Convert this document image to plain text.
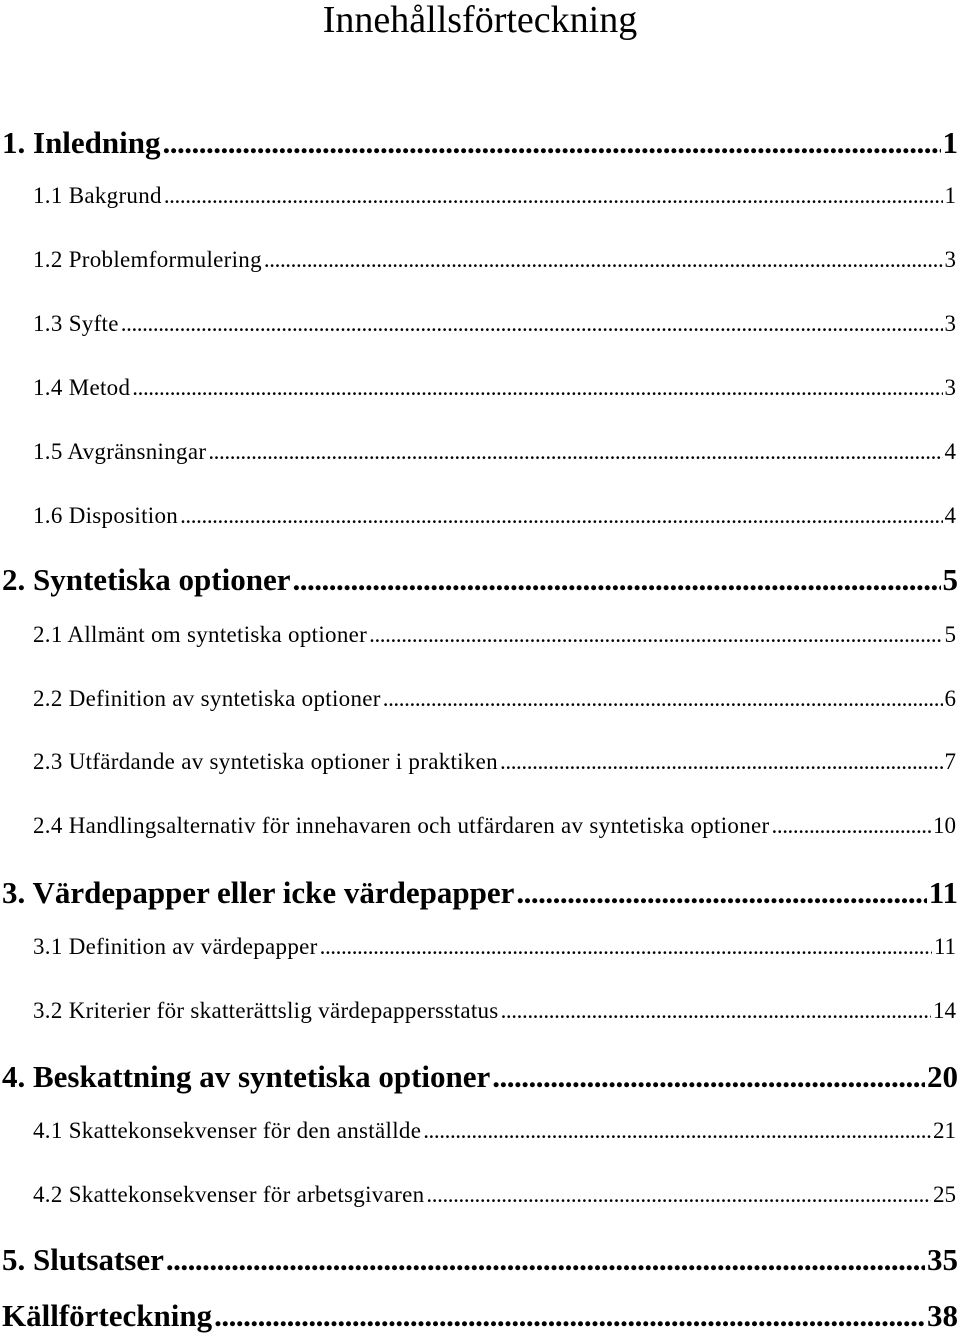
Innehållsförteckning
1. Inledning .....	1
1.1 Bakgrund .....	1
1.2 Problemformulering .....	3
1.3 Syfte .....	3
1.4 Metod .....	3
1.5 Avgränsningar .....	4
1.6 Disposition .....	4
2. Syntetiska optioner .....	5
2.1 Allmänt om syntetiska optioner .....	5
2.2 Definition av syntetiska optioner .....	6
2.3 Utfärdande av syntetiska optioner i praktiken .....	7
2.4 Handlingsalternativ för innehavaren och utfärdaren av syntetiska optioner .....	10
3. Värdepapper eller icke värdepapper .....	11
3.1 Definition av värdepapper .....	11
3.2 Kriterier för skatterättslig värdepappersstatus .....	14
4. Beskattning av syntetiska optioner .....	20
4.1 Skattekonsekvenser för den anställde .....	21
4.2 Skattekonsekvenser för arbetsgivaren .....	25
5. Slutsatser .....	35
Källförteckning .....	38
